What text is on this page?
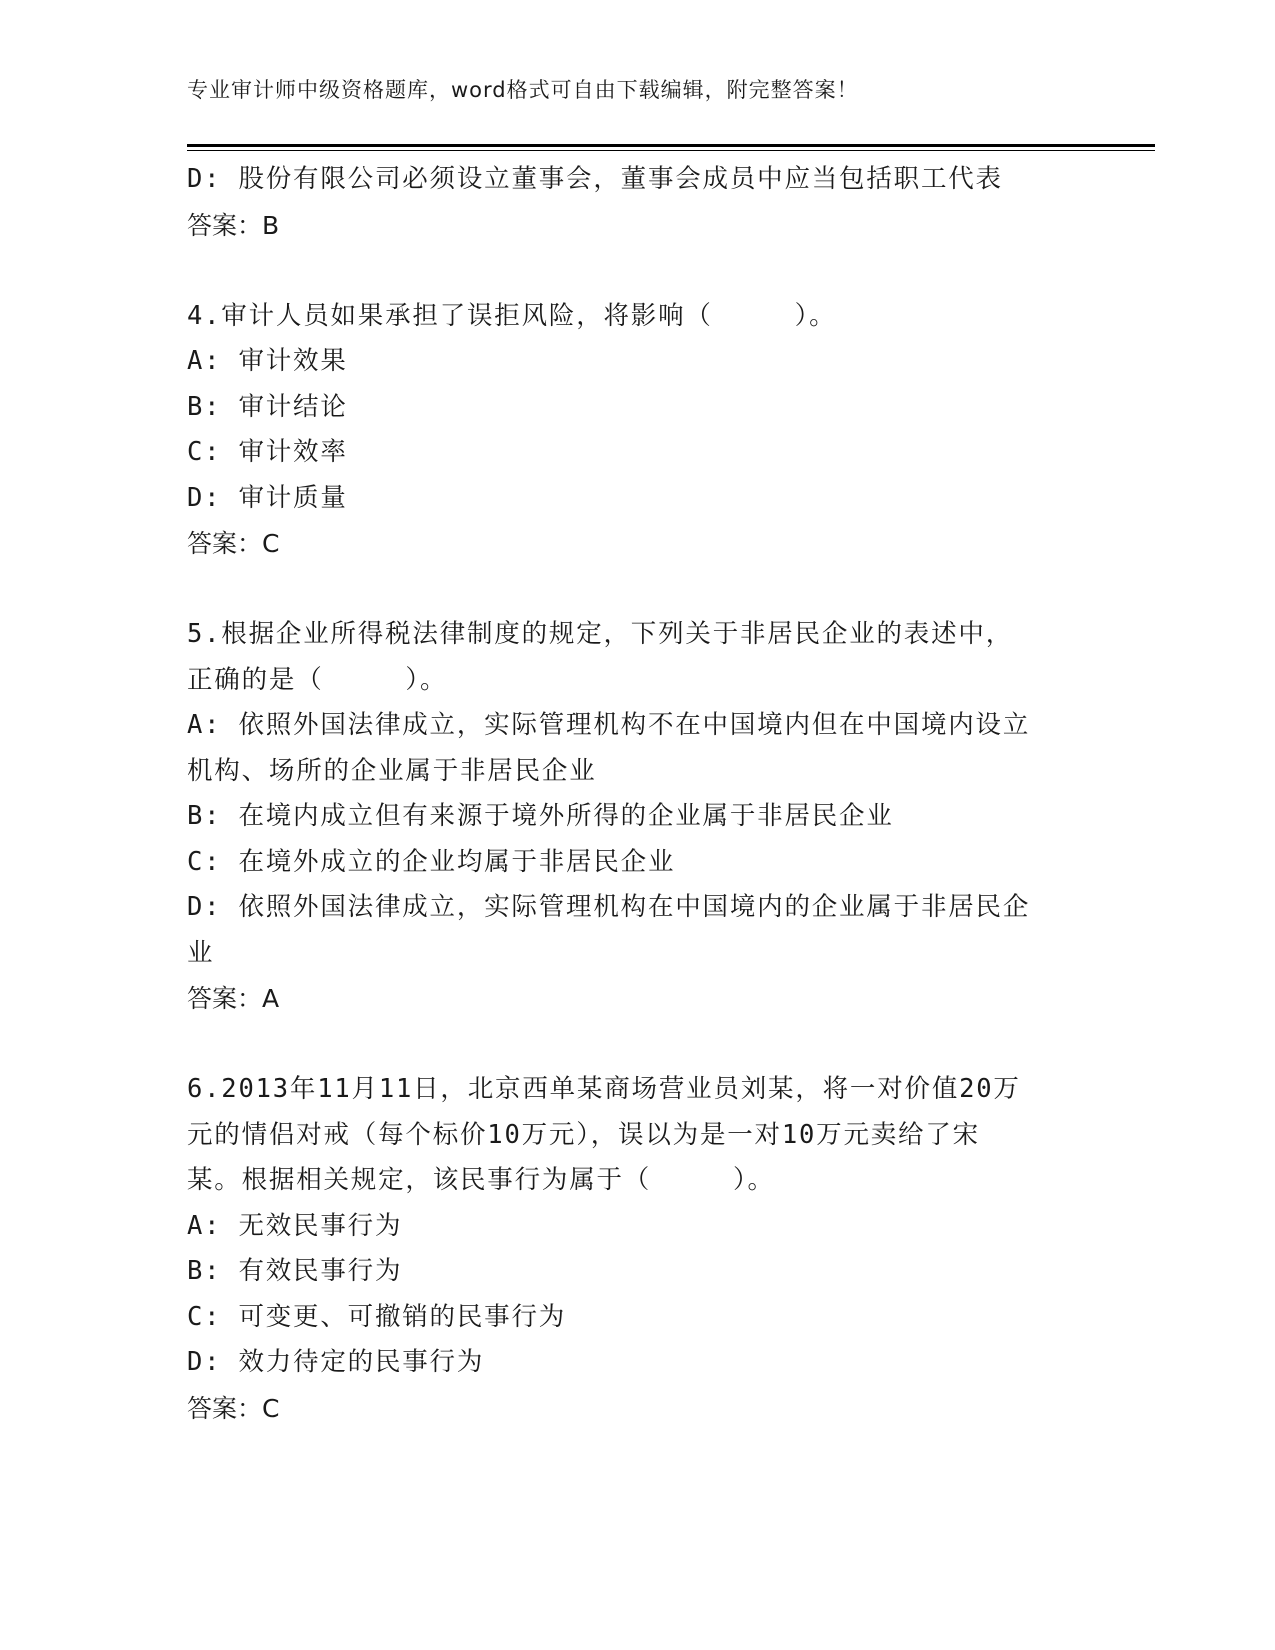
专业审计师中级资格题库，word格式可自由下载编辑，附完整答案！
D: 股份有限公司必须设立董事会，董事会成员中应当包括职工代表
答案：B
4.审计人员如果承担了误拒风险，将影响（　　　）。
A: 审计效果
B: 审计结论
C: 审计效率
D: 审计质量
答案：C
5.根据企业所得税法律制度的规定，下列关于非居民企业的表述中，
正确的是（　　　）。
A: 依照外国法律成立，实际管理机构不在中国境内但在中国境内设立
机构、场所的企业属于非居民企业
B: 在境内成立但有来源于境外所得的企业属于非居民企业
C: 在境外成立的企业均属于非居民企业
D: 依照外国法律成立，实际管理机构在中国境内的企业属于非居民企
业
答案：A
6.2013年11月11日，北京西单某商场营业员刘某，将一对价值20万
元的情侣对戒（每个标价10万元），误以为是一对10万元卖给了宋
某。根据相关规定，该民事行为属于（　　　）。
A: 无效民事行为
B: 有效民事行为
C: 可变更、可撤销的民事行为
D: 效力待定的民事行为
答案：C
